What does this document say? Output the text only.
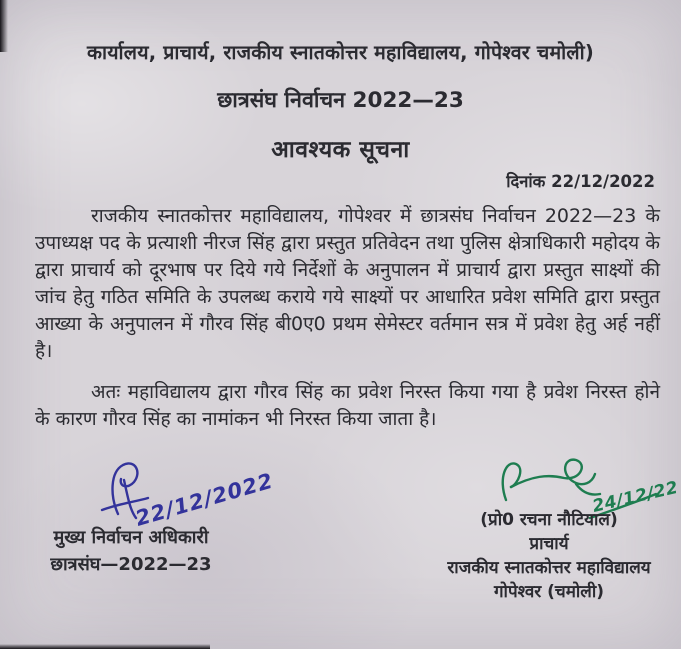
कार्यालय, प्राचार्य, राजकीय स्नातकोत्तर महाविद्यालय, गोपेश्वर चमोली)
छात्रसंघ निर्वाचन 2022—23
आवश्यक सूचना
दिनांक 22/12/2022

राजकीय स्नातकोत्तर महाविद्यालय, गोपेश्वर में छात्रसंघ निर्वाचन 2022—23 के उपाध्यक्ष पद के प्रत्याशी नीरज सिंह द्वारा प्रस्तुत प्रतिवेदन तथा पुलिस क्षेत्राधिकारी महोदय के द्वारा प्राचार्य को दूरभाष पर दिये गये निर्देशों के अनुपालन में प्राचार्य द्वारा प्रस्तुत साक्ष्यों की जांच हेतु गठित समिति के उपलब्ध कराये गये साक्ष्यों पर आधारित प्रवेश समिति द्वारा प्रस्तुत आख्या के अनुपालन में गौरव सिंह बी0ए0 प्रथम सेमेस्टर वर्तमान सत्र में प्रवेश हेतु अर्ह नहीं है।

अतः महाविद्यालय द्वारा गौरव सिंह का प्रवेश निरस्त किया गया है प्रवेश निरस्त होने के कारण गौरव सिंह का नामांकन भी निरस्त किया जाता है।

22/12/2022
मुख्य निर्वाचन अधिकारी
छात्रसंघ—2022—23
24/12/22
(प्रो0 रचना नौटियाल)
प्राचार्य
राजकीय स्नातकोत्तर महाविद्यालय
गोपेश्वर (चमोली)
